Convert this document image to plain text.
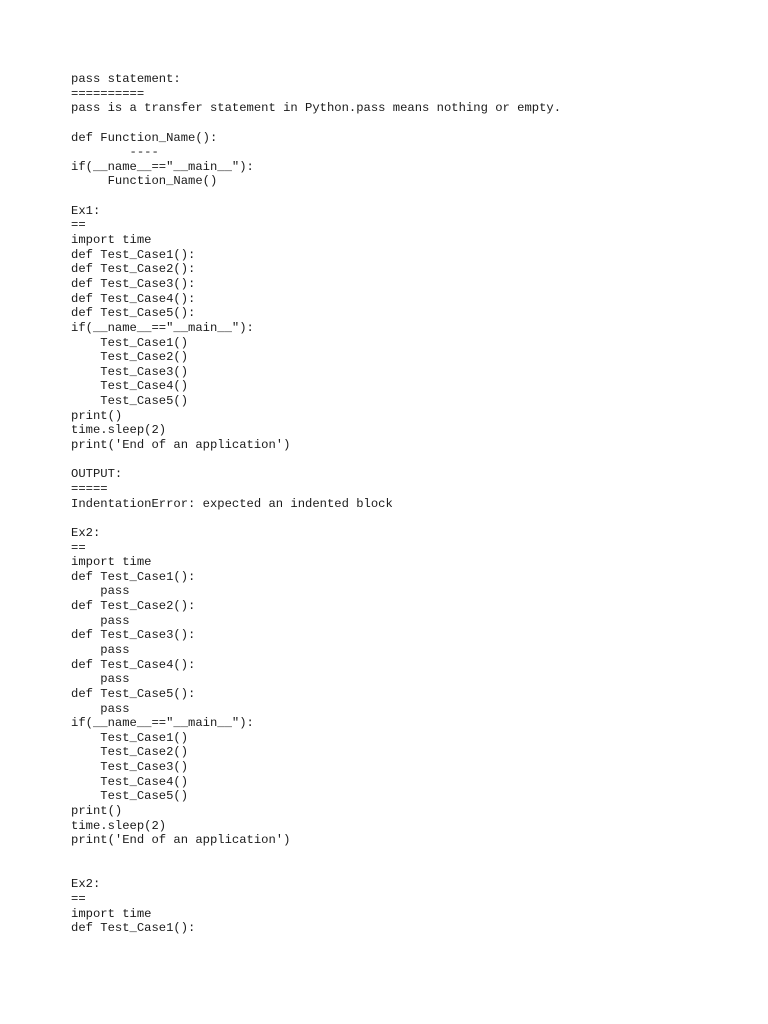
pass statement:
==========
pass is a transfer statement in Python.pass means nothing or empty.
def Function_Name():
----
if(__name__=="__main__"):
Function_Name()
Ex1:
==
import time
def Test_Case1():
def Test_Case2():
def Test_Case3():
def Test_Case4():
def Test_Case5():
if(__name__=="__main__"):
Test_Case1()
Test_Case2()
Test_Case3()
Test_Case4()
Test_Case5()
print()
time.sleep(2)
print('End of an application')
OUTPUT:
=====
IndentationError: expected an indented block
Ex2:
==
import time
def Test_Case1():
pass
def Test_Case2():
pass
def Test_Case3():
pass
def Test_Case4():
pass
def Test_Case5():
pass
if(__name__=="__main__"):
Test_Case1()
Test_Case2()
Test_Case3()
Test_Case4()
Test_Case5()
print()
time.sleep(2)
print('End of an application')
Ex2:
==
import time
def Test_Case1():
